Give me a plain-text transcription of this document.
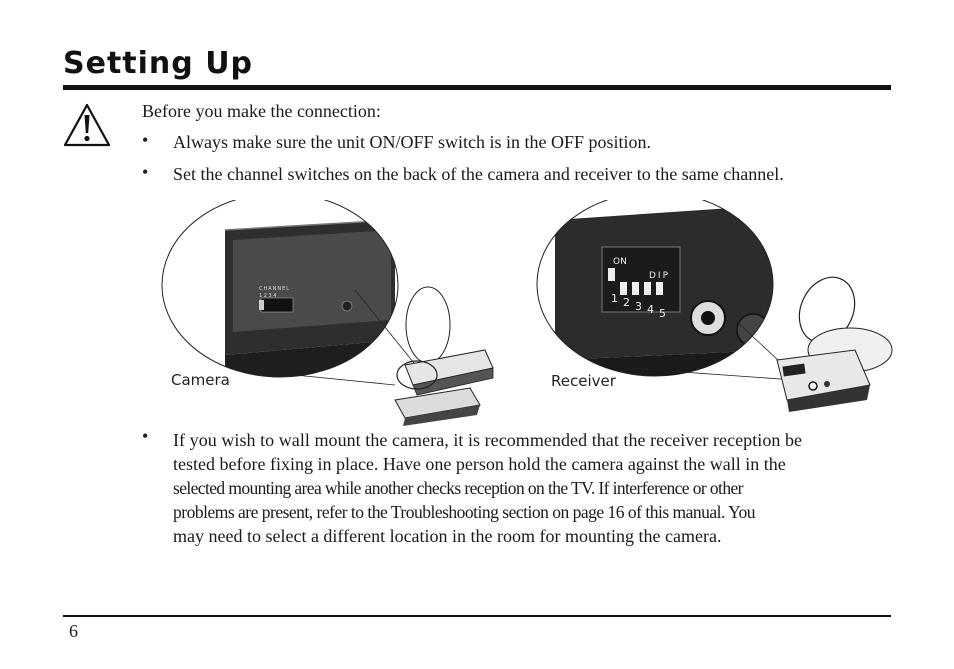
Setting Up
Before you make the connection:
• Always make sure the unit ON/OFF switch is in the OFF position.
• Set the channel switches on the back of the camera and receiver to the same channel.
CHANNEL
1 2 3 4
ON
DIP
1 2 3 4 5
Camera	Receiver
• If you wish to wall mount the camera, it is recommended that the receiver reception be
tested before fixing in place. Have one person hold the camera against the wall in the
selected mounting area while another checks reception on the TV. If interference or other
problems are present, refer to the Troubleshooting section on page 16 of this manual. You
may need to select a different location in the room for mounting the camera.
6
